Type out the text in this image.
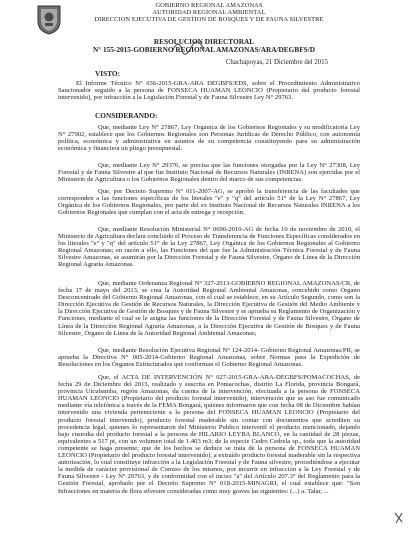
GOBIERNO REGIONAL AMAZONAS
AUTORIDAD REGIONAL AMBIENTAL
DIRECCION EJECUTIVA DE GESTION DE BOSQUES Y DE FAUNA SILVESTRE
RESOLUCION DIRECTORAL
N° 155-2015-GOBIERNO REGIONAL AMAZONAS/ARA/DEGBFS/D
Chachapoyas, 21 Diciembre del 2015
VISTO:
El Informe Técnico N° 036-2015-GRA-ARA DEGBFS/EDS, sobre el Procedimiento Administrativo Sancionador seguido a la persona de FONSECA HUAMAN LEONCIO (Propietario del producto forestal intervenido), por infracción a la Legislación Forestal y de Fauna Silvestre Ley N° 29763.
CONSIDERANDO:
Que, mediante Ley N° 27867, Ley Orgánica de los Gobiernos Regionales y su modificatoria Ley N° 27902, establece que los Gobiernos Regionales son Personas Jurídicas de Derecho Público, con autonomía política, económica y administrativa en asuntos de su competencia constituyendo para su administración económica y financiera un pliego presupuestal.
Que, mediante Ley N° 29376, se precisa que las funciones otorgadas por la Ley N° 27308, Ley Forestal y de Fauna Silvestre al que fue Instituto Nacional de Recursos Naturales (INRENA) son ejercidas por el Ministerio de Agricultura o los Gobiernos Regionales dentro del marco de sus competencias.
Que, por Decreto Supremo N° 011-2007-AG, se aprobó la transferencia de las facultades que corresponden a las funciones específicas de los literales "e" y "q" del artículo 51° de la Ley N° 27867, Ley Orgánica de los Gobiernos Regionales, por parte del ex Instituto Nacional de Recursos Naturales INRENA a los Gobiernos Regionales que cumplan con el acta de entrega y recepción.
Que, mediante Resolución Ministerial N° 0696-2010-AG de fecha 10 de noviembre de 2010, el Ministerio de Agricultura declara concluido el Proceso de Transferencia de Funciones Específicas considerados en los literales "e" y "q" del artículo 51° de la Ley 27867, Ley Orgánica de los Gobiernos Regionales al Gobierno Regional Amazonas; en razón a ello, las Funciones del que fue la Administración Técnica Forestal y de Fauna Silvestre Amazonas, se asumirán por la Dirección Forestal y de Fauna Silvestre, Órgano de Línea de la Dirección Regional Agraria Amazonas.
Que, mediante Ordenanza Regional N° 327-2013-GOBIERNO REGIONAL AMAZONAS/CR, de fecha 17 de mayo del 2013, se crea la Autoridad Regional Ambiental Amazonas, concebido como Órgano Desconcentrado del Gobierno Regional Amazonas, con el cual se establece, en su Artículo Segundo, como son la Dirección Ejecutiva de Gestión de Recursos Naturales, la Dirección Ejecutiva de Gestión del Medio Ambiente y la Dirección Ejecutiva de Gestión de Bosques y de Fauna Silvestre y se aprueba su Reglamento de Organización y Funciones, mediante el cual se le asigna las funciones de la Dirección Forestal y de Fauna Silvestre, Órgano de Línea de la Dirección Regional Agraria Amazonas, a la Dirección Ejecutiva de Gestión de Bosques y de Fauna Silvestre, Órgano de Línea de la Autoridad Regional Ambiental Amazonas;
Que, mediante Resolución Ejecutiva Regional N° 124-2014- Gobierno Regional Amazonas/PR, se aprueba la Directiva N° 005-2014-Gobierno Regional Amazonas, sobre Normas para la Expedición de Resoluciones en los Órganos Estructurados que conforman el Gobierno Regional Amazonas.
Que, el ACTA DE INTERVENCIÓN N° 027-2015-GRA-ARA-DEGBFS/POMACOCHAS, de fecha 29 de Diciembre del 2015, realizado y suscrita en Pomacochas, distrito La Florida, provincia Bongará, provincia Utcubamba, región Amazonas, da cuenta de la intervención, efectuada a la persona de FONSECA HUAMAN LEONCIO (Propietario del producto forestal intervenido), intervención que se aso fue comunicado mediante vía telefónica a través de la FEMA Bongará, quienes informaron que con fecha 08 de Diciembre habían intervenido una vivienda perteneciente a la persona del FONSECA HUAMAN LEONCIO (Propietario del producto forestal intervenido), producto forestal maderable sin contar con documentos que acrediten su procedencia legal, quienes lo representaron del Ministerio Publico intervenil el producto mencionado, dejando bajo custodia del producto forestal a la persona de HILARIO LEYBA BLANCO, en la cantidad de 28 piezas, equivalentes a 517 pt, con un volumen total de 1.403 m3; de la especie Cedro Cedrela sp., toda que la autoridad competente se haga presente; que de los hechos se deduce se trata de la persona de FONSECA HUAMAN LEONCIO (Propietario del producto forestal intervenido), a extraído producto forestal maderable sin la respectiva autorización, lo cual constituye infracción a la Legislación Forestal y de Fauna silvestre, procediéndose a ejecutar la medida de carácter provisional de Comiso de los mismos, por incurrir en infracción a la Ley Forestal y de Fauna Silvestre - Ley N° 29763, y de conformidad con el inciso "a" del Artículo 207.3° del Reglamento para la Gestión Forestal, aprobado por el Decreto Supremo N° 018-2015-MINAGRI, el cual establece que: "Son Infracciones en materia de flora silvestre consideradas como muy graves las siguientes: (...) a. Talar, ...
